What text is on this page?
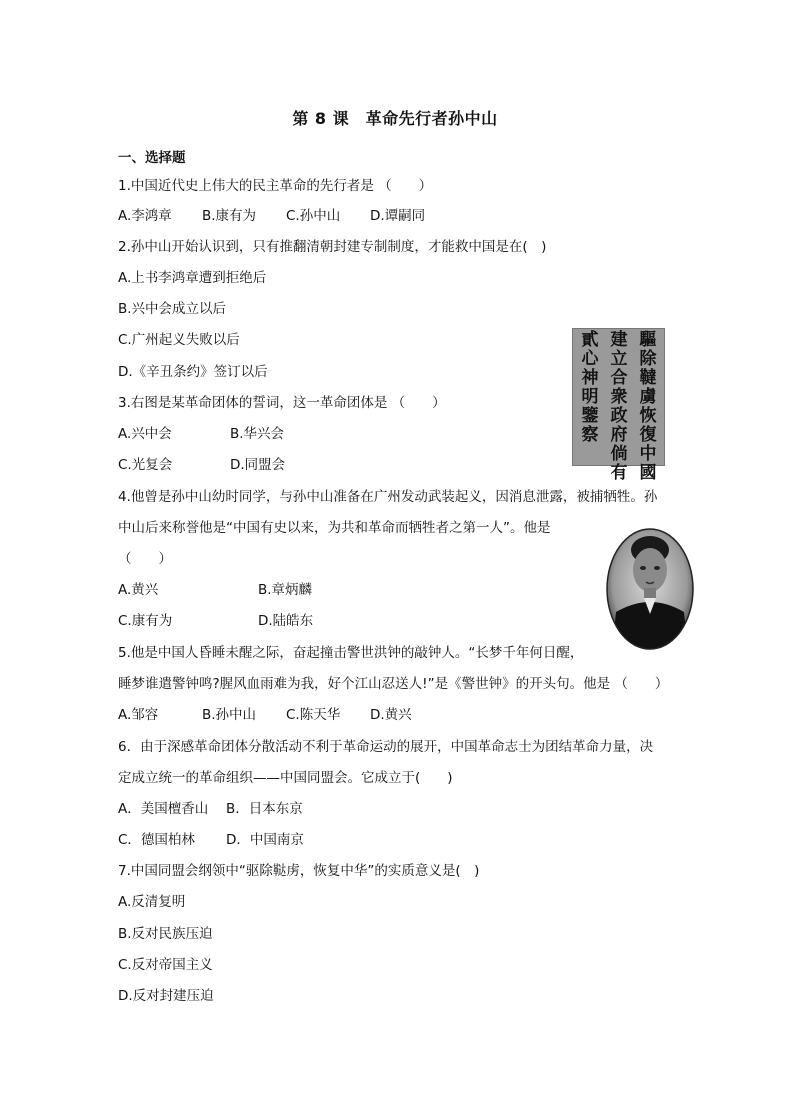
第 8 课　革命先行者孙中山
一、选择题
1.中国近代史上伟大的民主革命的先行者是 （　　）
A.李鸿章 B.康有为 C.孙中山 D.谭嗣同
2.孙中山开始认识到，只有推翻清朝封建专制制度，才能救中国是在(　)
A.上书李鸿章遭到拒绝后
B.兴中会成立以后
C.广州起义失败以后
D.《辛丑条约》签订以后
驅除韃虜恢復中國
建立合衆政府倘有
貳心神明鑒察
3.右图是某革命团体的誓词，这一革命团体是 （　　）
A.兴中会	B.华兴会
C.光复会	D.同盟会
4.他曾是孙中山幼时同学，与孙中山准备在广州发动武装起义，因消息泄露，被捕牺牲。孙
中山后来称誉他是“中国有史以来，为共和革命而牺牲者之第一人”。他是
（　　）
A.黄兴	B.章炳麟
C.康有为	D.陆皓东
5.他是中国人昏睡未醒之际，奋起撞击警世洪钟的敲钟人。“长梦千年何日醒，
睡梦谁遣警钟鸣?腥风血雨难为我，好个江山忍送人!”是《警世钟》的开头句。他是 （　　）
A.邹容	B.孙中山 C.陈天华 D.黄兴
6．由于深感革命团体分散活动不利于革命运动的展开，中国革命志士为团结革命力量，决
定成立统一的革命组织——中国同盟会。它成立于(　　)
A．美国檀香山 B．日本东京
C．德国柏林 D．中国南京
7.中国同盟会纲领中“驱除鞑虏，恢复中华”的实质意义是(　)
A.反清复明
B.反对民族压迫
C.反对帝国主义
D.反对封建压迫
